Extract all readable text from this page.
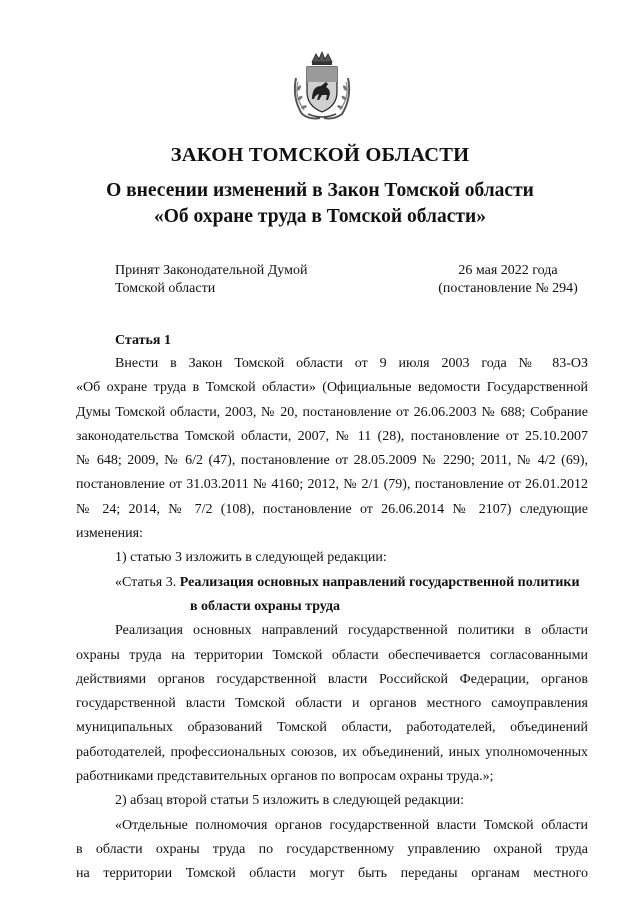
ЗАКОН ТОМСКОЙ ОБЛАСТИ
О внесении изменений в Закон Томской области
«Об охране труда в Томской области»
Принят Законодательной Думой
Томской области
26 мая 2022 года
(постановление № 294)
Статья 1

Внести в Закон Томской области от 9 июля 2003 года № 83-ОЗ

«Об охране труда в Томской области» (Официальные ведомости Государственной

Думы Томской области, 2003, № 20, постановление от 26.06.2003 № 688; Собрание

законодательства Томской области, 2007, № 11 (28), постановление от 25.10.2007

№ 648; 2009, № 6/2 (47), постановление от 28.05.2009 № 2290; 2011, № 4/2 (69),

постановление от 31.03.2011 № 4160; 2012, № 2/1 (79), постановление от 26.01.2012

№ 24; 2014, № 7/2 (108), постановление от 26.06.2014 № 2107) следующие изменения:

1) статью 3 изложить в следующей редакции:

«Статья 3. Реализация основных направлений государственной политики

в области охраны труда

Реализация основных направлений государственной политики в области

охраны труда на территории Томской области обеспечивается согласованными

действиями органов государственной власти Российской Федерации, органов

государственной власти Томской области и органов местного самоуправления

муниципальных образований Томской области, работодателей, объединений

работодателей, профессиональных союзов, их объединений, иных уполномоченных

работниками представительных органов по вопросам охраны труда.»;

2) абзац второй статьи 5 изложить в следующей редакции:

«Отдельные полномочия органов государственной власти Томской области

в области охраны труда по государственному управлению охраной труда

на территории Томской области могут быть переданы органам местного
